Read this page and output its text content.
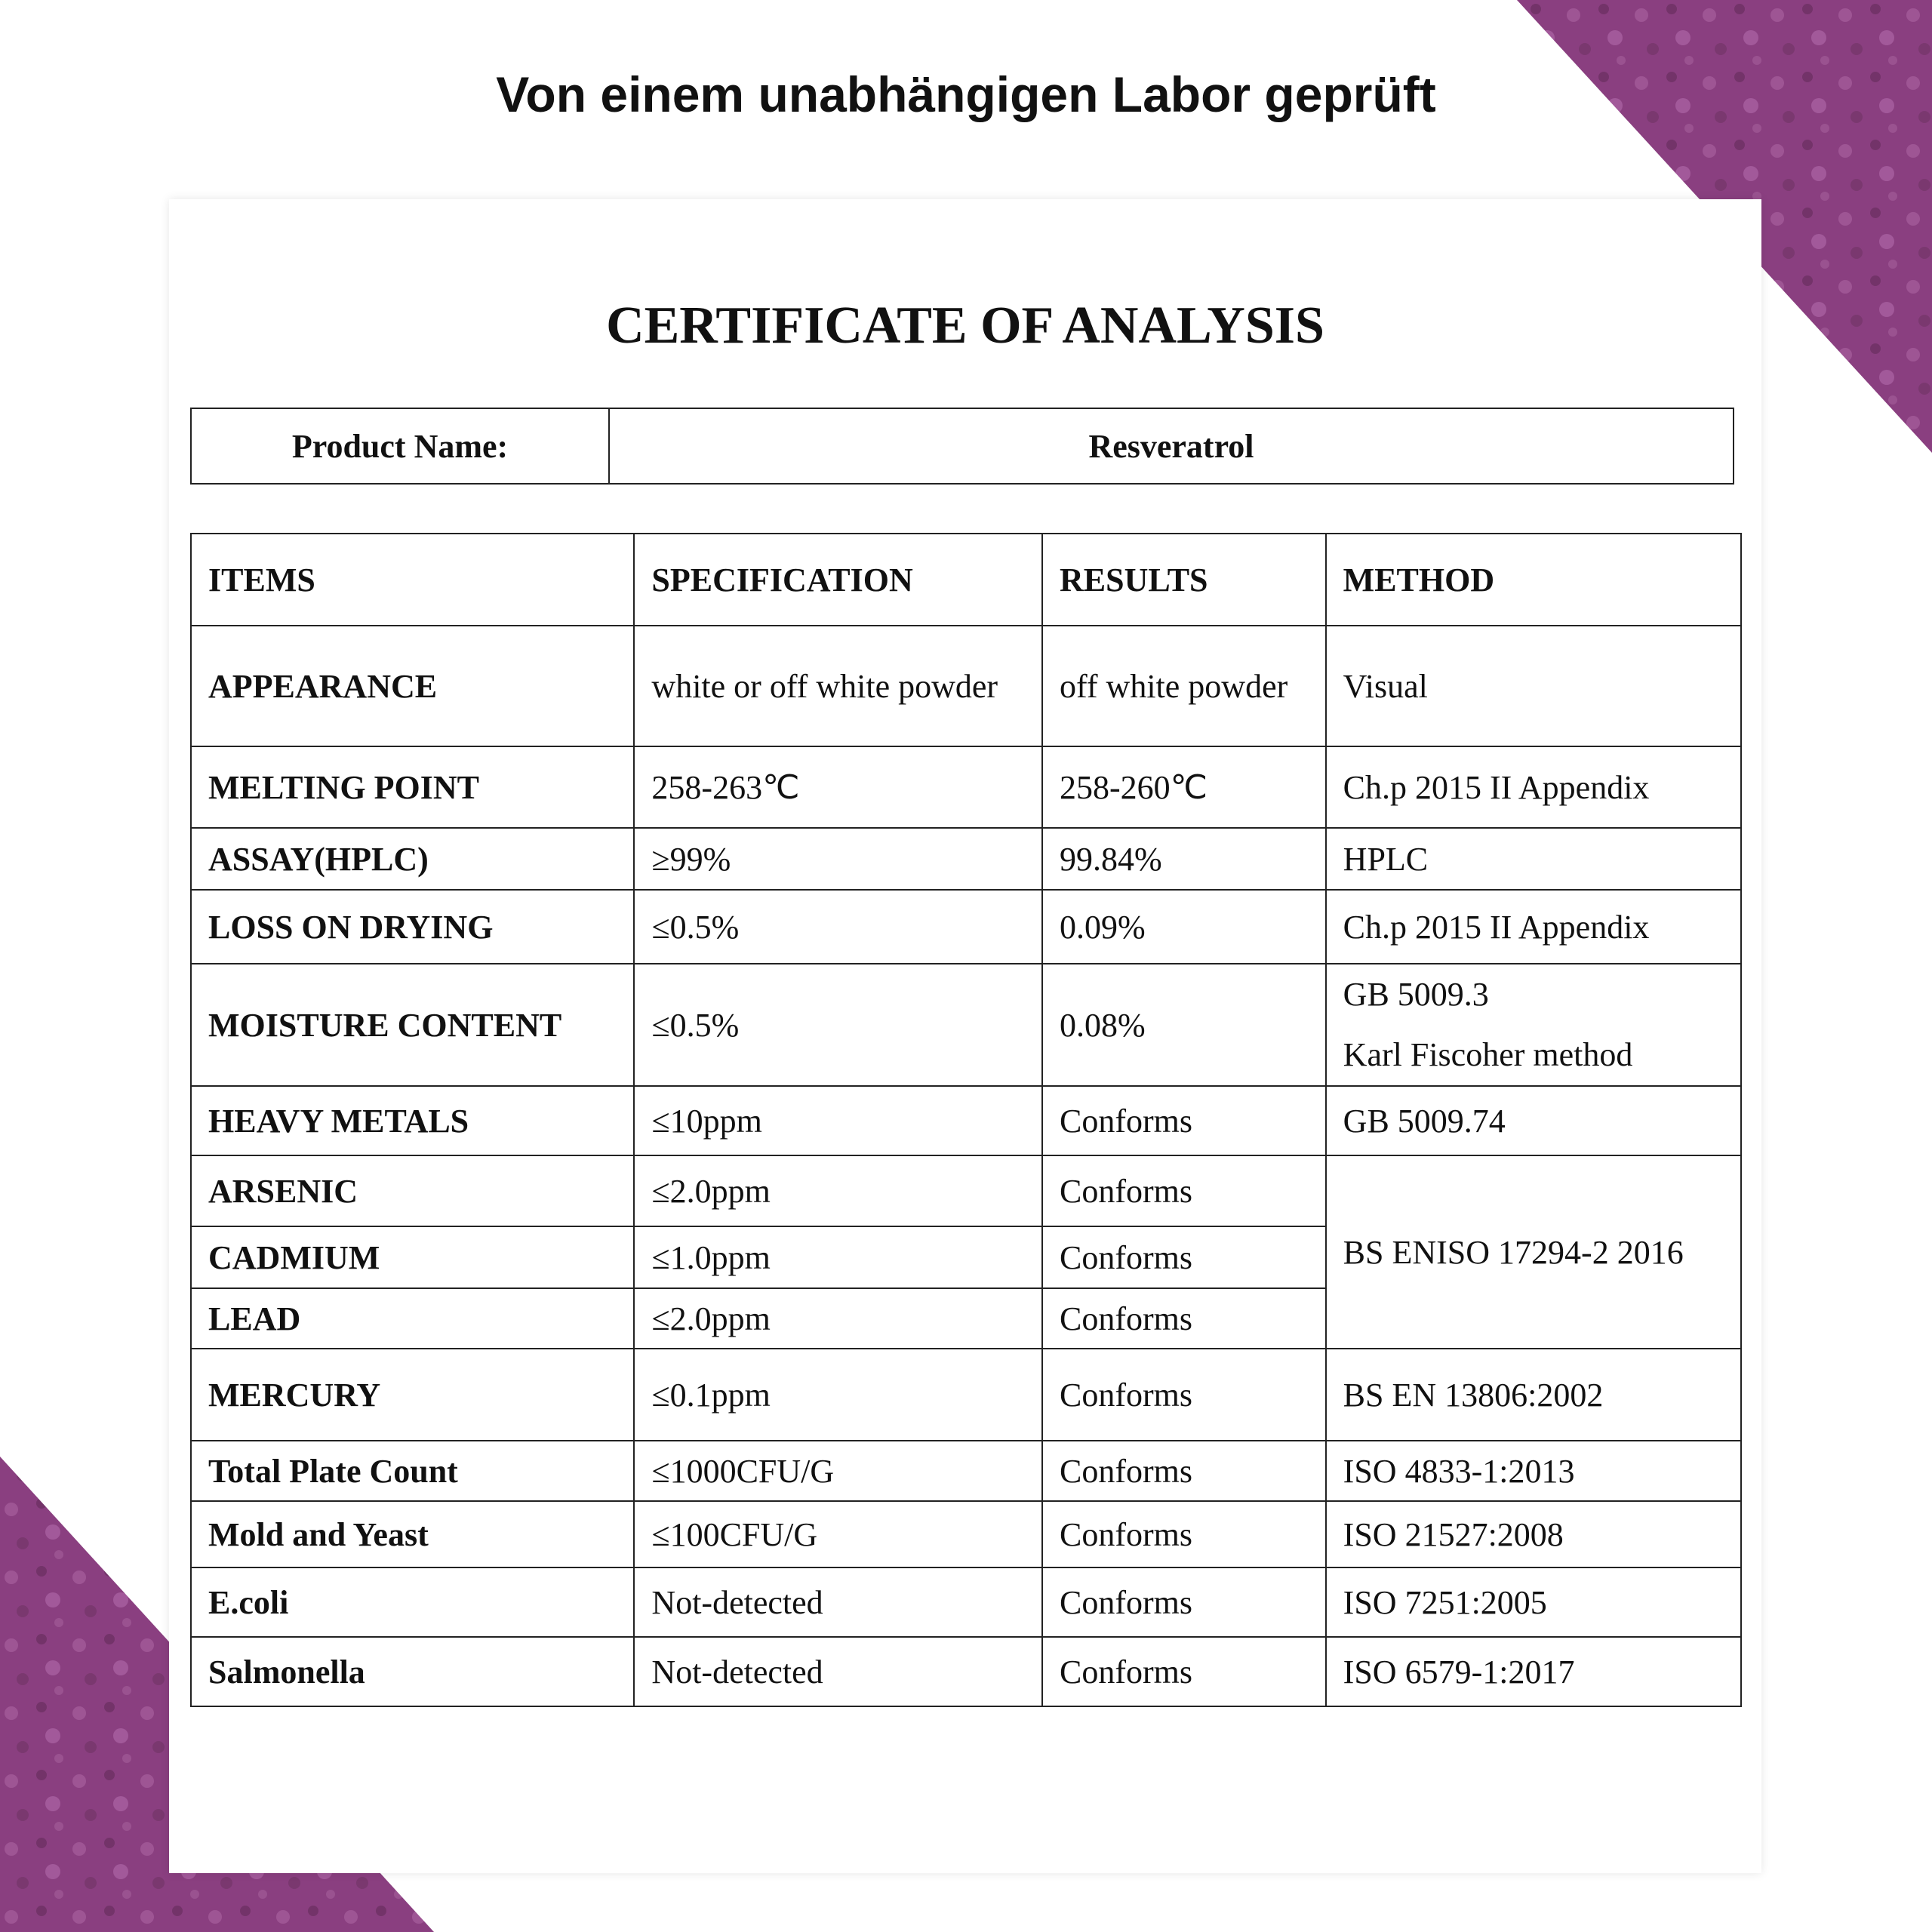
Von einem unabhängigen Labor geprüft
CERTIFICATE OF ANALYSIS
Product Name:	Resveratrol
ITEMS	SPECIFICATION	RESULTS	METHOD
APPEARANCE	white or off white powder	off white powder	Visual
MELTING POINT	258-263℃	258-260℃	Ch.p 2015 II Appendix
ASSAY(HPLC)	≥99%	99.84%	HPLC
LOSS ON DRYING	≤0.5%	0.09%	Ch.p 2015 II Appendix
MOISTURE CONTENT	≤0.5%	0.08%	GB 5009.3
Karl Fiscoher method

HEAVY METALS	≤10ppm	Conforms	GB 5009.74
ARSENIC	≤2.0ppm	Conforms	BS ENISO 17294-2 2016
CADMIUM	≤1.0ppm	Conforms	
LEAD	≤2.0ppm	Conforms	
MERCURY	≤0.1ppm	Conforms	BS EN 13806:2002
Total Plate Count	≤1000CFU/G	Conforms	ISO 4833-1:2013
Mold and Yeast	≤100CFU/G	Conforms	ISO 21527:2008
E.coli	Not-detected	Conforms	ISO 7251:2005
Salmonella	Not-detected	Conforms	ISO 6579-1:2017
